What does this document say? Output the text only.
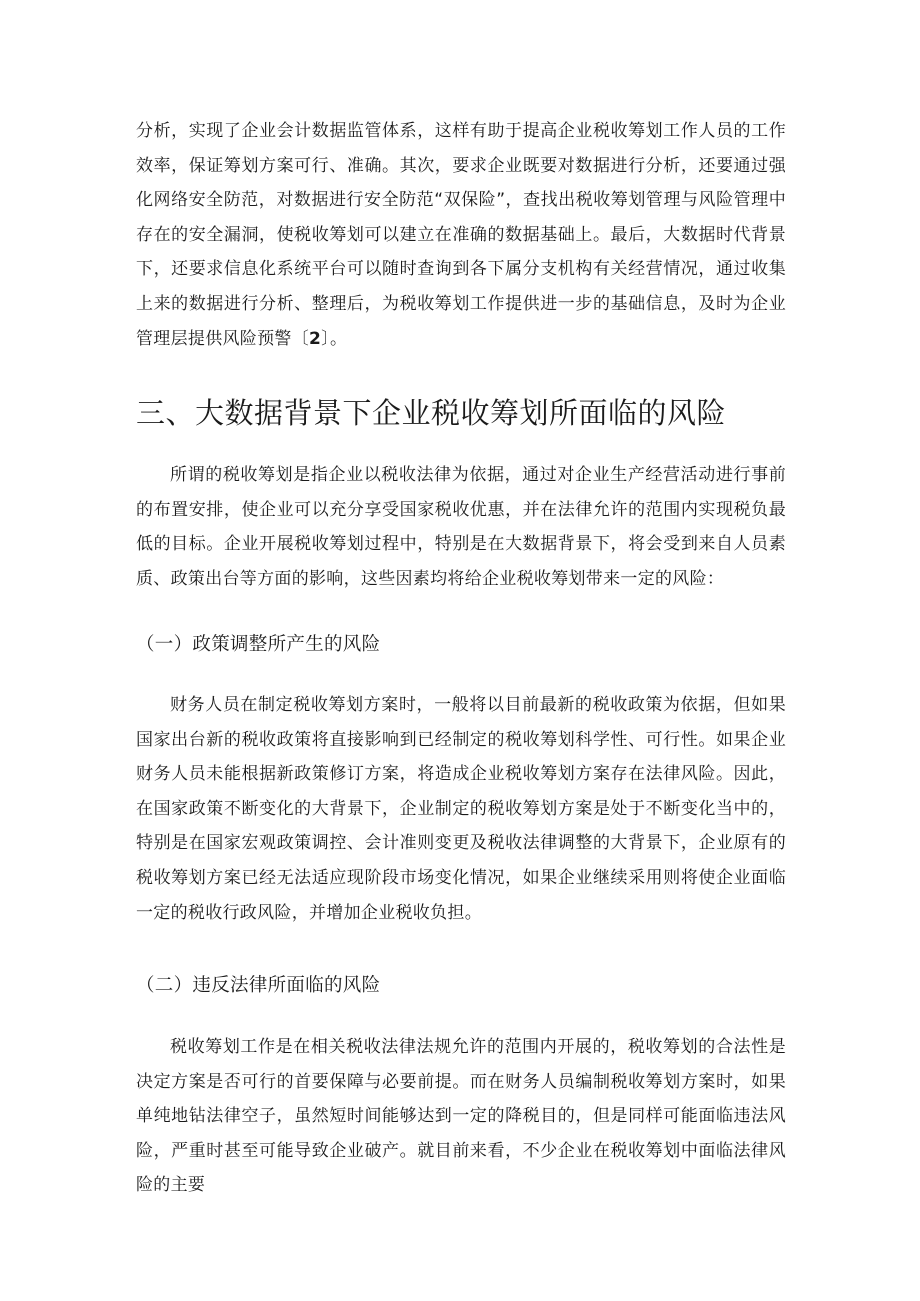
分析，实现了企业会计数据监管体系，这样有助于提高企业税收筹划工作人员的工作效率，保证筹划方案可行、准确。其次，要求企业既要对数据进行分析，还要通过强化网络安全防范，对数据进行安全防范“双保险”，查找出税收筹划管理与风险管理中存在的安全漏洞，使税收筹划可以建立在准确的数据基础上。最后，大数据时代背景下，还要求信息化系统平台可以随时查询到各下属分支机构有关经营情况，通过收集上来的数据进行分析、整理后，为税收筹划工作提供进一步的基础信息，及时为企业管理层提供风险预警〔2〕。

三、大数据背景下企业税收筹划所面临的风险

所谓的税收筹划是指企业以税收法律为依据，通过对企业生产经营活动进行事前的布置安排，使企业可以充分享受国家税收优惠，并在法律允许的范围内实现税负最低的目标。企业开展税收筹划过程中，特别是在大数据背景下，将会受到来自人员素质、政策出台等方面的影响，这些因素均将给企业税收筹划带来一定的风险：

（一）政策调整所产生的风险

财务人员在制定税收筹划方案时，一般将以目前最新的税收政策为依据，但如果国家出台新的税收政策将直接影响到已经制定的税收筹划科学性、可行性。如果企业财务人员未能根据新政策修订方案，将造成企业税收筹划方案存在法律风险。因此，在国家政策不断变化的大背景下，企业制定的税收筹划方案是处于不断变化当中的，特别是在国家宏观政策调控、会计准则变更及税收法律调整的大背景下，企业原有的税收筹划方案已经无法适应现阶段市场变化情况，如果企业继续采用则将使企业面临一定的税收行政风险，并增加企业税收负担。

（二）违反法律所面临的风险

税收筹划工作是在相关税收法律法规允许的范围内开展的，税收筹划的合法性是决定方案是否可行的首要保障与必要前提。而在财务人员编制税收筹划方案时，如果单纯地钻法律空子，虽然短时间能够达到一定的降税目的，但是同样可能面临违法风险，严重时甚至可能导致企业破产。就目前来看，不少企业在税收筹划中面临法律风险的主要
